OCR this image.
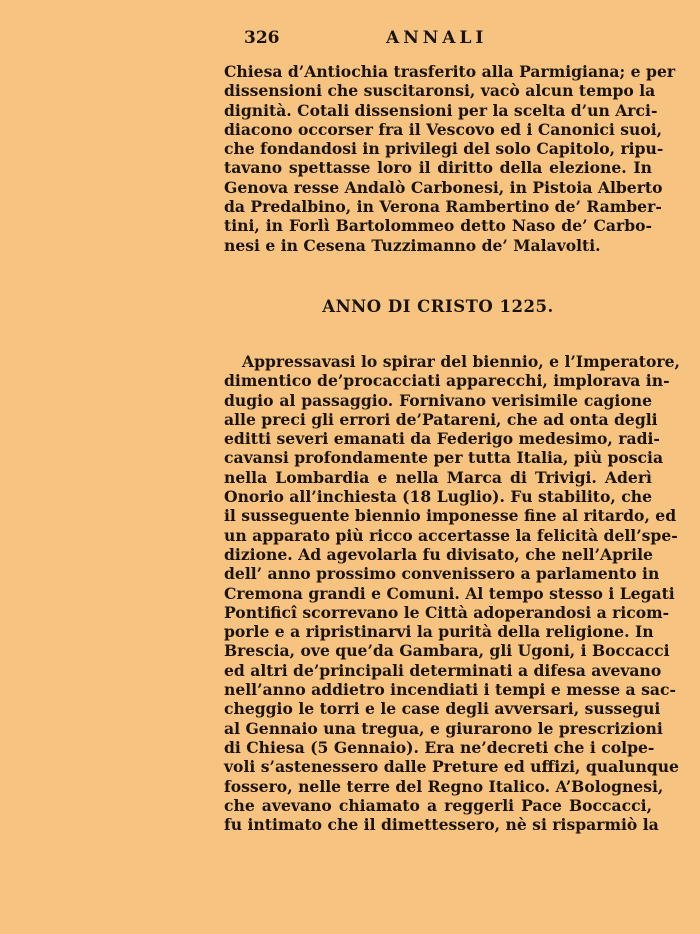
326	ANNALI
Chiesa d’Antiochia trasferito alla Parmigiana; e per
dissensioni che suscitaronsi, vacò alcun tempo la
dignità. Cotali dissensioni per la scelta d’un Arci-
diacono occorser fra il Vescovo ed i Canonici suoi,
che fondandosi in privilegi del solo Capitolo, ripu-
tavano spettasse loro il diritto della elezione. In
Genova resse Andalò Carbonesi, in Pistoia Alberto
da Predalbino, in Verona Rambertino de’ Ramber-
tini, in Forlì Bartolommeo detto Naso de’ Carbo-
nesi e in Cesena Tuzzimanno de’ Malavolti.
ANNO DI CRISTO 1225.
Appressavasi lo spirar del biennio, e l’Imperatore,
dimentico de’procacciati apparecchi, implorava in-
dugio al passaggio. Fornivano verisimile cagione
alle preci gli errori de’Patareni, che ad onta degli
editti severi emanati da Federigo medesimo, radi-
cavansi profondamente per tutta Italia, più poscia
nella Lombardia e nella Marca di Trivigi. Aderì
Onorio all’inchiesta (18 Luglio). Fu stabilito, che
il susseguente biennio imponesse fine al ritardo, ed
un apparato più ricco accertasse la felicità dell’spe-
dizione. Ad agevolarla fu divisato, che nell’Aprile
dell’ anno prossimo convenissero a parlamento in
Cremona grandi e Comuni. Al tempo stesso i Legati
Pontificî scorrevano le Città adoperandosi a ricom-
porle e a ripristinarvi la purità della religione. In
Brescia, ove que’da Gambara, gli Ugoni, i Boccacci
ed altri de’principali determinati a difesa avevano
nell’anno addietro incendiati i tempi e messe a sac-
cheggio le torri e le case degli avversari, sussegui
al Gennaio una tregua, e giurarono le prescrizioni
di Chiesa (5 Gennaio). Era ne’decreti che i colpe-
voli s’astenessero dalle Preture ed uffizi, qualunque
fossero, nelle terre del Regno Italico. A’Bolognesi,
che avevano chiamato a reggerli Pace Boccacci,
fu intimato che il dimettessero, nè si risparmiò la
